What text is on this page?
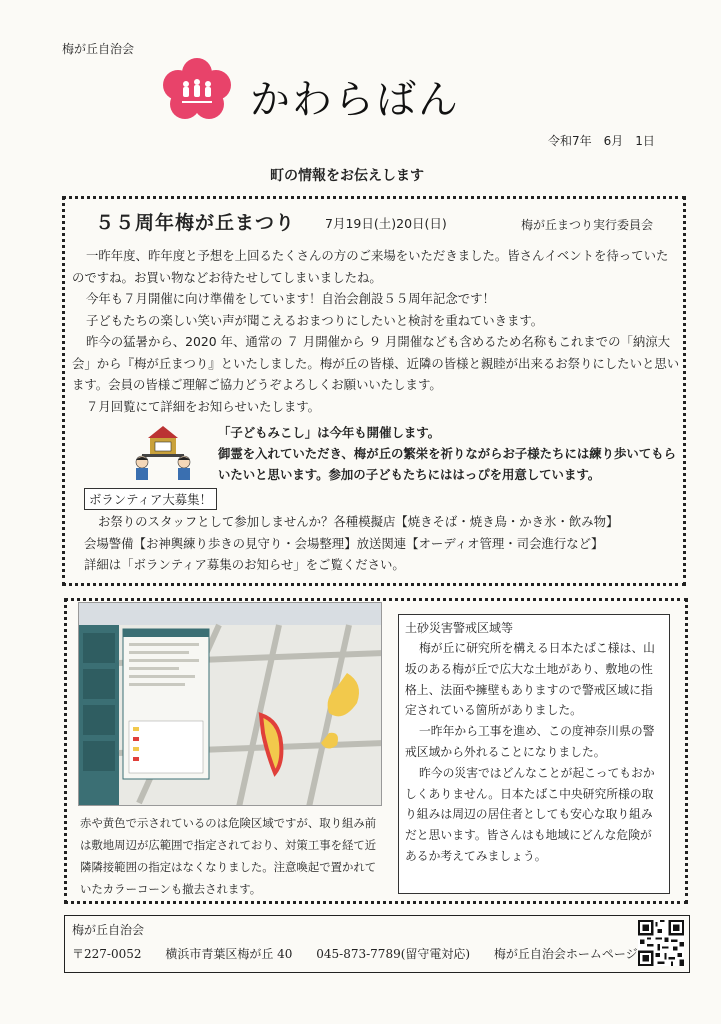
梅が丘自治会
かわらばん
令和7年　6月　1日
町の情報をお伝えします
５５周年梅が丘まつり 7月19日(土)20日(日)	梅が丘まつり実行委員会

一昨年度、昨年度と予想を上回るたくさんの方のご来場をいただきました。皆さんイベントを待っていたのですね。お買い物などお待たせしてしまいましたね。

今年も７月開催に向け準備をしています！自治会創設５５周年記念です！

子どもたちの楽しい笑い声が聞こえるおまつりにしたいと検討を重ねていきます。

昨今の猛暑から、2020 年、通常の ７ 月開催から ９ 月開催なども含めるため名称もこれまでの「納涼大会」から『梅が丘まつり』といたしました。梅が丘の皆様、近隣の皆様と親睦が出来るお祭りにしたいと思います。会員の皆様ご理解ご協力どうぞよろしくお願いいたします。

７月回覧にて詳細をお知らせいたします。

「子どもみこし」は今年も開催します。
御霊を入れていただき、梅が丘の繁栄を祈りながらお子様たちには練り歩いてもらいたいと思います。参加の子どもたちにははっぴを用意しています。
ボランティア大募集！
お祭りのスタッフとして参加しませんか？各種模擬店【焼きそば・焼き鳥・かき氷・飲み物】
会場警備【お神輿練り歩きの見守り・会場整理】放送関連【オーディオ管理・司会進行など】
詳細は「ボランティア募集のお知らせ」をご覧ください。
赤や黄色で示されているのは危険区域ですが、取り組み前は敷地周辺が広範囲で指定されており、対策工事を経て近隣隣接範囲の指定はなくなりました。注意喚起で置かれていたカラーコーンも撤去されます。
土砂災害警戒区域等

梅が丘に研究所を構える日本たばこ様は、山坂のある梅が丘で広大な土地があり、敷地の性格上、法面や擁壁もありますので警戒区域に指定されている箇所がありました。

一昨年から工事を進め、この度神奈川県の警戒区域から外れることになりました。

昨今の災害ではどんなことが起こってもおかしくありません。日本たばこ中央研究所様の取り組みは周辺の居住者としても安心な取り組みだと思います。皆さんはも地域にどんな危険があるか考えてみましょう。

梅が丘自治会
〒227-0052 横浜市青葉区梅が丘 40 045-873-7789(留守電対応) 梅が丘自治会ホームページ
